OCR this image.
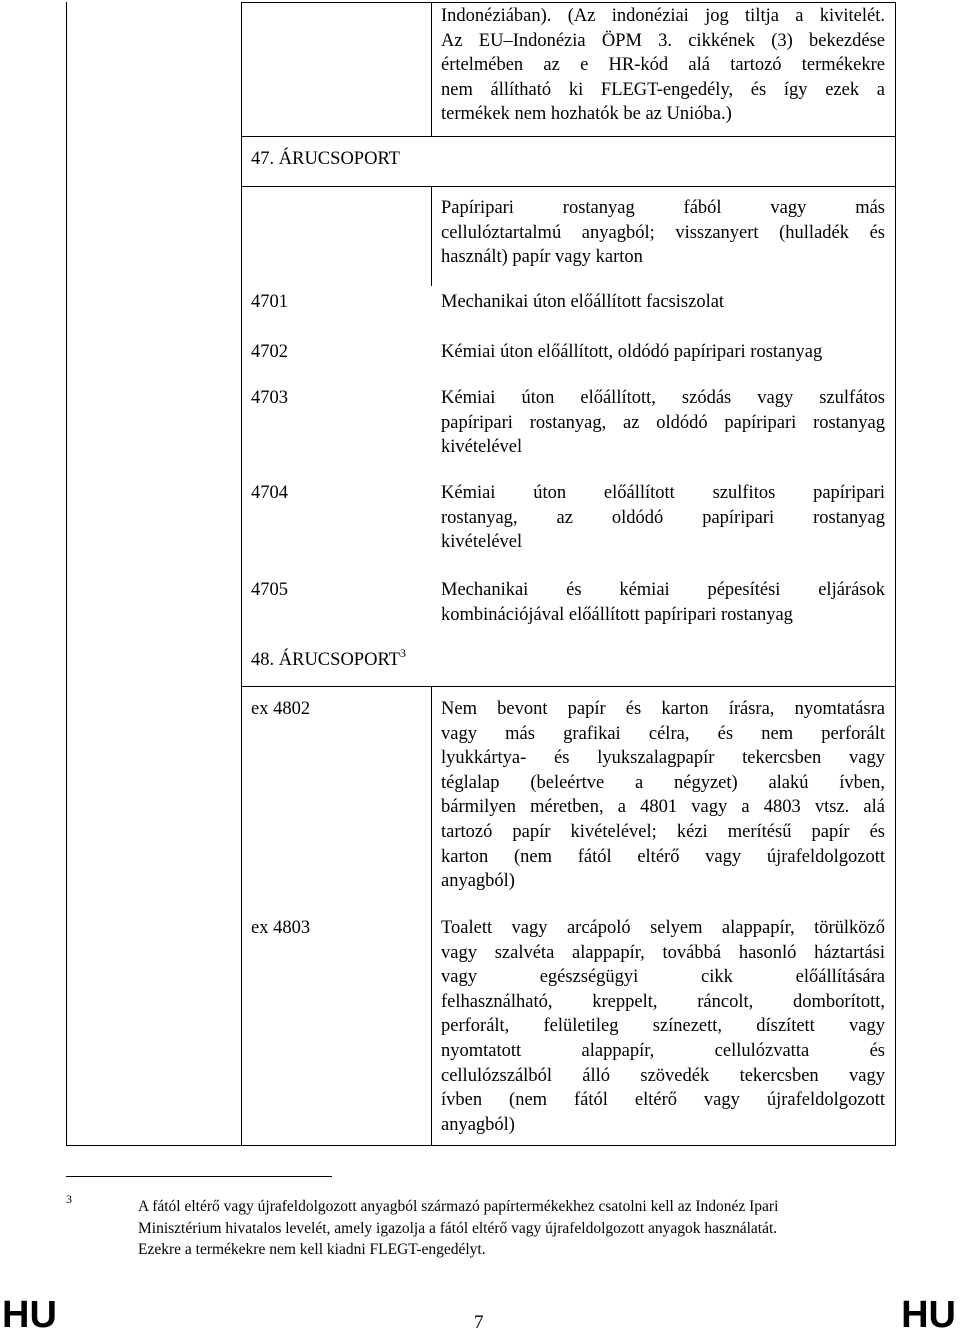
Indonéziában). (Az indonéziai jog tiltja a kivitelét.
Az EU–Indonézia ÖPM 3. cikkének (3) bekezdése
értelmében az e HR-kód alá tartozó termékekre
nem állítható ki FLEGT-engedély, és így ezek a
termékek nem hozhatók be az Unióba.)
47. ÁRUCSOPORT
Papíripari rostanyag fából vagy más
cellulóztartalmú anyagból; visszanyert (hulladék és
használt) papír vagy karton
4701	Mechanikai úton előállított facsiszolat
4702	Kémiai úton előállított, oldódó papíripari rostanyag
4703	Kémiai úton előállított, szódás vagy szulfátos
papíripari rostanyag, az oldódó papíripari rostanyag
kivételével
4704	Kémiai úton előállított szulfitos papíripari
rostanyag, az oldódó papíripari rostanyag
kivételével
4705	Mechanikai és kémiai pépesítési eljárások
kombinációjával előállított papíripari rostanyag
48. ÁRUCSOPORT$^3$
ex 4802	Nem bevont papír és karton írásra, nyomtatásra
vagy más grafikai célra, és nem perforált
lyukkártya- és lyukszalagpapír tekercsben vagy
téglalap (beleértve a négyzet) alakú ívben,
bármilyen méretben, a 4801 vagy a 4803 vtsz. alá
tartozó papír kivételével; kézi merítésű papír és
karton (nem fától eltérő vagy újrafeldolgozott
anyagból)
ex 4803	Toalett vagy arcápoló selyem alappapír, törülköző
vagy szalvéta alappapír, továbbá hasonló háztartási
vagy egészségügyi cikk előállítására
felhasználható, kreppelt, ráncolt, domborított,
perforált, felületileg színezett, díszített vagy
nyomtatott alappapír, cellulózvatta és
cellulózszálból álló szövedék tekercsben vagy
ívben (nem fától eltérő vagy újrafeldolgozott
anyagból)
3	A fától eltérő vagy újrafeldolgozott anyagból származó papírtermékekhez csatolni kell az Indonéz Ipari
Minisztérium hivatalos levelét, amely igazolja a fától eltérő vagy újrafeldolgozott anyagok használatát.
Ezekre a termékekre nem kell kiadni FLEGT-engedélyt.
HU	7	HU
